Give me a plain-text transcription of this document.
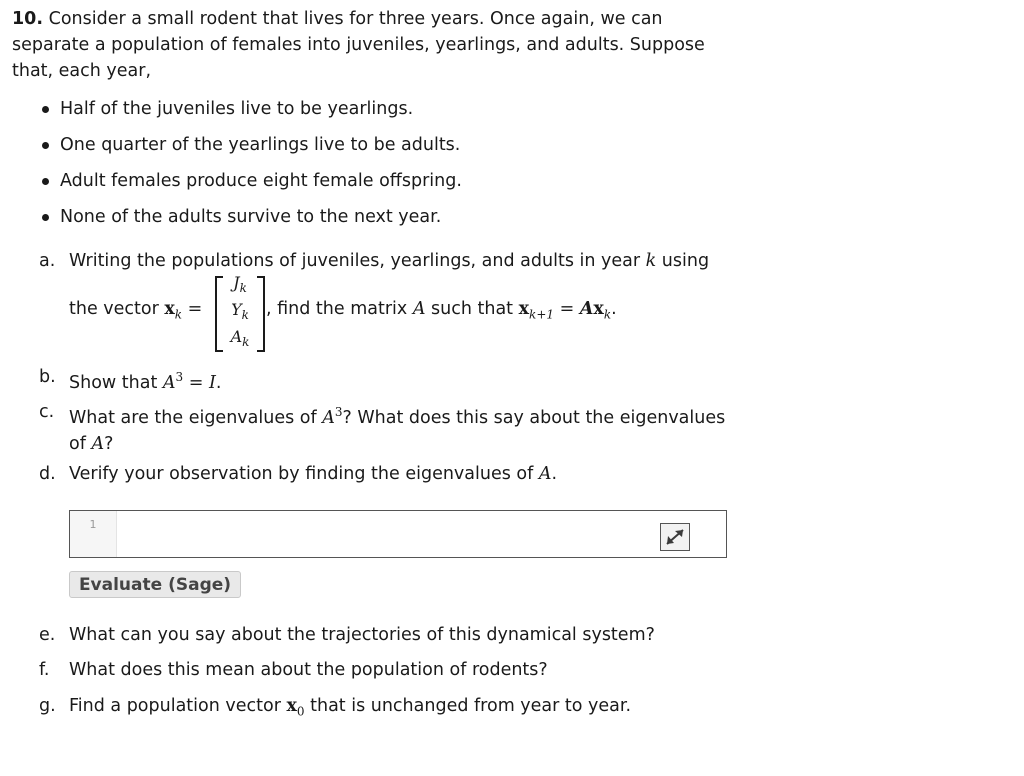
10. Consider a small rodent that lives for three years. Once again, we can separate a population of females into juveniles, yearlings, and adults. Suppose that, each year,
Half of the juveniles live to be yearlings.
One quarter of the yearlings live to be adults.
Adult females produce eight female offspring.
None of the adults survive to the next year.
a. Writing the populations of juveniles, yearlings, and adults in year k using
the vector $x_k$ =
$J_k$
$Y_k$
$A_k$
, find the matrix A such that $x_{k+1} = Ax_k$.
b. Show that $A^3 = I$.
c. What are the eigenvalues of $A^3$? What does this say about the eigenvalues
of A?
d. Verify your observation by finding the eigenvalues of A.
1
Evaluate (Sage)
e. What can you say about the trajectories of this dynamical system?
f.	What does this mean about the population of rodents?
g. Find a population vector $x_0$ that is unchanged from year to year.
